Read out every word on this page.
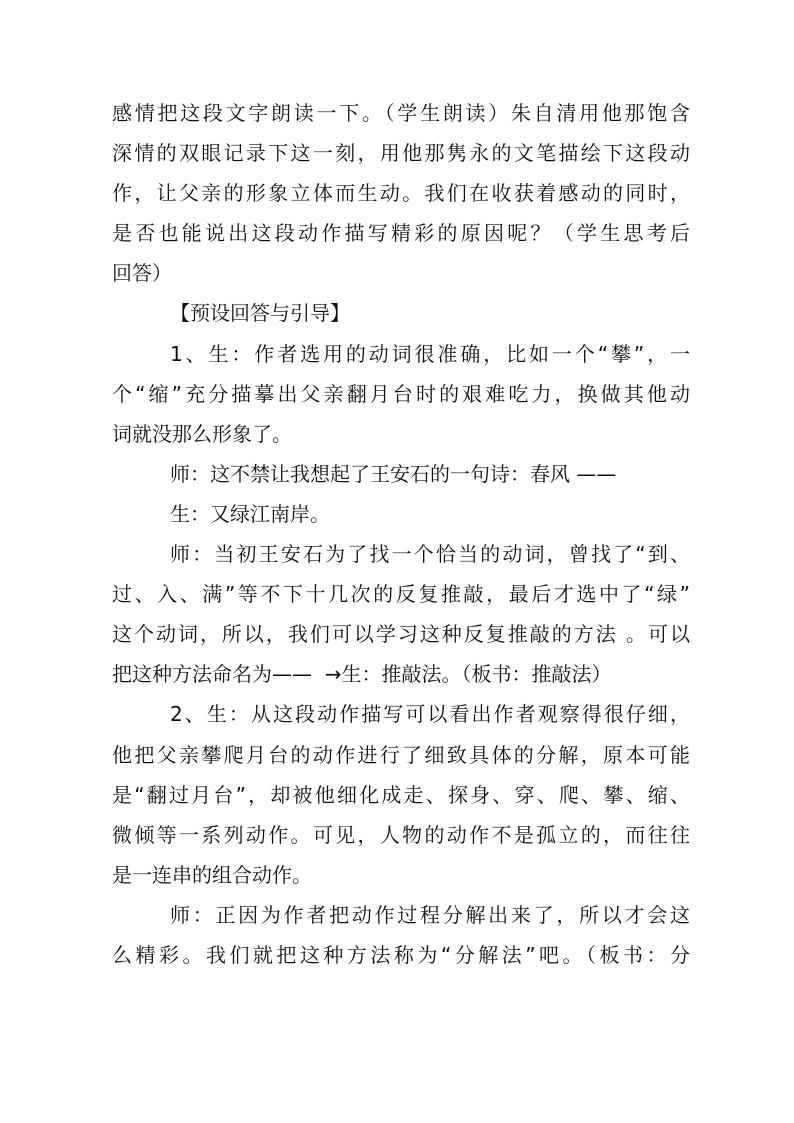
感情把这段文字朗读一下。（学生朗读）朱自清用他那饱含
深情的双眼记录下这一刻，用他那隽永的文笔描绘下这段动
作，让父亲的形象立体而生动。我们在收获着感动的同时，
是否也能说出这段动作描写精彩的原因呢？（学生思考后
回答）
【预设回答与引导】
1、生：作者选用的动词很准确，比如一个“攀”，一
个“缩”充分描摹出父亲翻月台时的艰难吃力，换做其他动
词就没那么形象了。
师：这不禁让我想起了王安石的一句诗：春风 ——
生：又绿江南岸。
师：当初王安石为了找一个恰当的动词，曾找了“到、
过、入、满”等不下十几次的反复推敲，最后才选中了“绿”
这个动词，所以，我们可以学习这种反复推敲的方法 。可以
把这种方法命名为——  →生：推敲法。（板书：推敲法）
2、生：从这段动作描写可以看出作者观察得很仔细，
他把父亲攀爬月台的动作进行了细致具体的分解，原本可能
是“翻过月台”，却被他细化成走、探身、穿、爬、攀、缩、
微倾等一系列动作。可见，人物的动作不是孤立的，而往往
是一连串的组合动作。
师：正因为作者把动作过程分解出来了，所以才会这
么精彩。我们就把这种方法称为“分解法”吧。（板书：分
